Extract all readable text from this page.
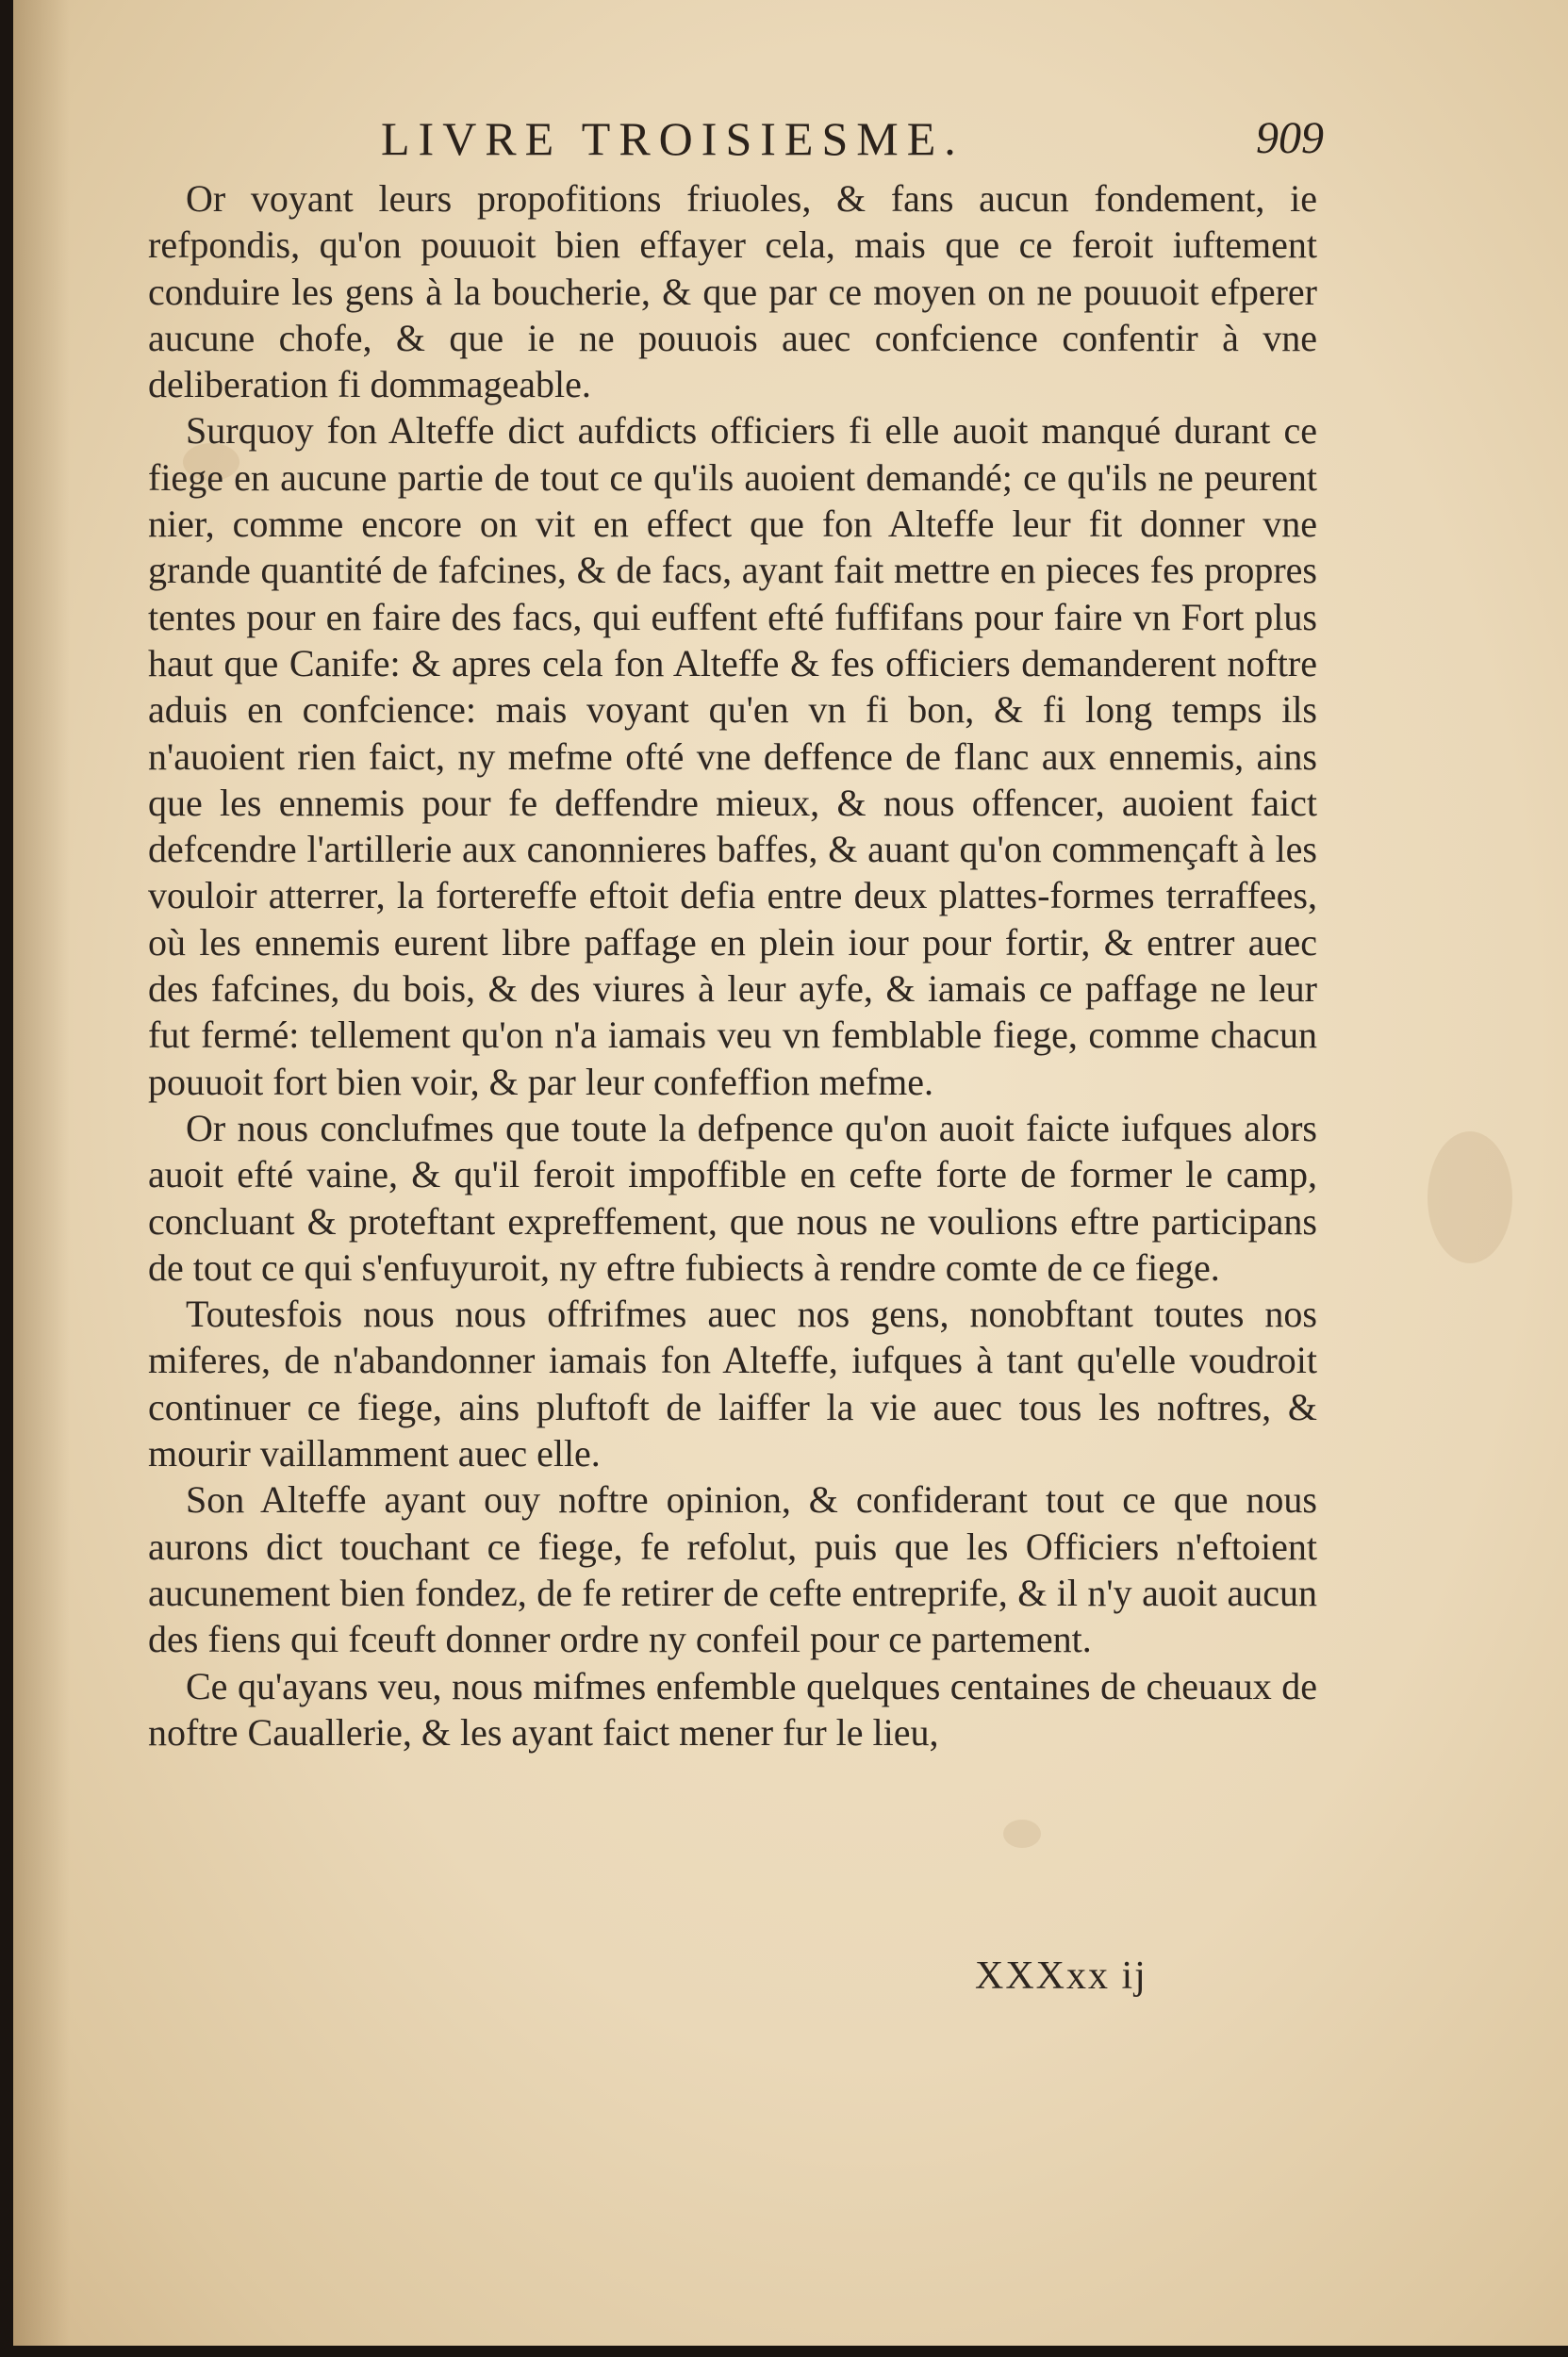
LIVRE TROISIESME.	909

Or voyant leurs propofitions friuoles, & fans aucun fondement, ie refpondis, qu'on pouuoit bien effayer cela, mais que ce feroit iuftement conduire les gens à la boucherie, & que par ce moyen on ne pouuoit efperer aucune chofe, & que ie ne pouuois auec confcience confentir à vne deliberation fi dommageable.

Surquoy fon Alteffe dict aufdicts officiers fi elle auoit manqué durant ce fiege en aucune partie de tout ce qu'ils auoient demandé; ce qu'ils ne peurent nier, comme encore on vit en effect que fon Alteffe leur fit donner vne grande quantité de fafcines, & de facs, ayant fait mettre en pieces fes propres tentes pour en faire des facs, qui euffent efté fuffifans pour faire vn Fort plus haut que Canife: & apres cela fon Alteffe & fes officiers demanderent noftre aduis en confcience: mais voyant qu'en vn fi bon, & fi long temps ils n'auoient rien faict, ny mefme ofté vne deffence de flanc aux ennemis, ains que les ennemis pour fe deffendre mieux, & nous offencer, auoient faict defcendre l'artillerie aux canonnieres baffes, & auant qu'on commençaft à les vouloir atterrer, la fortereffe eftoit defia entre deux plattes-formes terraffees, où les ennemis eurent libre paffage en plein iour pour fortir, & entrer auec des fafcines, du bois, & des viures à leur ayfe, & iamais ce paffage ne leur fut fermé: tellement qu'on n'a iamais veu vn femblable fiege, comme chacun pouuoit fort bien voir, & par leur confeffion mefme.

Or nous conclufmes que toute la defpence qu'on auoit faicte iufques alors auoit efté vaine, & qu'il feroit impoffible en cefte forte de former le camp, concluant & proteftant expreffement, que nous ne voulions eftre participans de tout ce qui s'enfuyuroit, ny eftre fubiects à rendre comte de ce fiege.

Toutesfois nous nous offrifmes auec nos gens, nonobftant toutes nos miferes, de n'abandonner iamais fon Alteffe, iufques à tant qu'elle voudroit continuer ce fiege, ains pluftoft de laiffer la vie auec tous les noftres, & mourir vaillamment auec elle.

Son Alteffe ayant ouy noftre opinion, & confiderant tout ce que nous aurons dict touchant ce fiege, fe refolut, puis que les Officiers n'eftoient aucunement bien fondez, de fe retirer de cefte entreprife, & il n'y auoit aucun des fiens qui fceuft donner ordre ny confeil pour ce partement.

Ce qu'ayans veu, nous mifmes enfemble quelques centaines de cheuaux de noftre Cauallerie, & les ayant faict mener fur le lieu,

XXXxx ij
